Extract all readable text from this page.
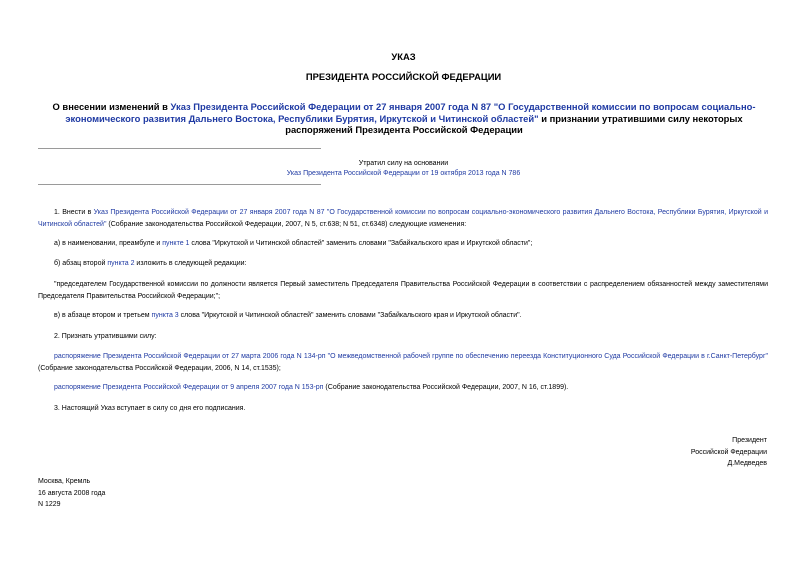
УКАЗ
ПРЕЗИДЕНТА РОССИЙСКОЙ ФЕДЕРАЦИИ
О внесении изменений в Указ Президента Российской Федерации от 27 января 2007 года N 87 "О Государственной комиссии по вопросам социально-экономического развития Дальнего Востока, Республики Бурятия, Иркутской и Читинской областей" и признании утратившими силу некоторых распоряжений Президента Российской Федерации
Утратил силу на основании
Указ Президента Российской Федерации от 19 октября 2013 года N 786
1. Внести в Указ Президента Российской Федерации от 27 января 2007 года N 87 "О Государственной комиссии по вопросам социально-экономического развития Дальнего Востока, Республики Бурятия, Иркутской и Читинской областей" (Собрание законодательства Российской Федерации, 2007, N 5, ст.638; N 51, ст.6348) следующие изменения:
а) в наименовании, преамбуле и пункте 1 слова "Иркутской и Читинской областей" заменить словами "Забайкальского края и Иркутской области";
б) абзац второй пункта 2 изложить в следующей редакции:
"председателем Государственной комиссии по должности является Первый заместитель Председателя Правительства Российской Федерации в соответствии с распределением обязанностей между заместителями Председателя Правительства Российской Федерации;";
в) в абзаце втором и третьем пункта 3 слова "Иркутской и Читинской областей" заменить словами "Забайкальского края и Иркутской области".
2. Признать утратившими силу:
распоряжение Президента Российской Федерации от 27 марта 2006 года N 134-рп "О межведомственной рабочей группе по обеспечению переезда Конституционного Суда Российской Федерации в г.Санкт-Петербург" (Собрание законодательства Российской Федерации, 2006, N 14, ст.1535);
распоряжение Президента Российской Федерации от 9 апреля 2007 года N 153-рп (Собрание законодательства Российской Федерации, 2007, N 16, ст.1899).
3. Настоящий Указ вступает в силу со дня его подписания.
Президент
Российской Федерации
Д.Медведев
Москва, Кремль
16 августа 2008 года
N 1229
